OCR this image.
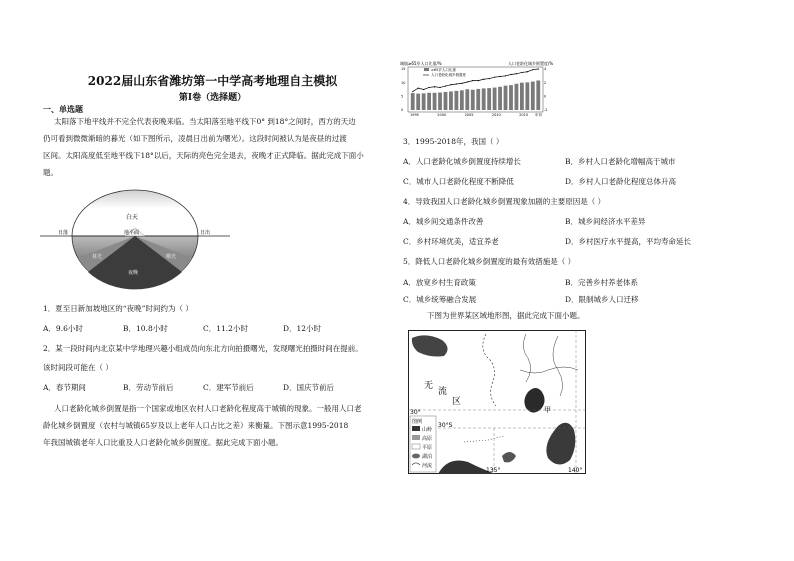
2022届山东省潍坊第一中学高考地理自主模拟
第Ⅰ卷（选择题）
一、单选题
太阳落下地平线并不完全代表夜晚来临。当太阳落至地平线下0° 到18°之间时，西方的天边
仍可看到微微渐暗的暮光（如下图所示，凌晨日出前为曙光）。这段时间被认为是夜昼的过渡
区间。太阳高度低至地平线下18°以后，天际的亮色完全退去，夜晚才正式降临。据此完成下面小
题。
白天
地平面
日落	日出
暮光	曙光
夜晚
1．夏至日新加坡地区的“夜晚”时间约为（ ）
A．9.6小时	B．10.8小时	C．11.2小时	D．12小时
2．某一段时间内北京某中学地理兴趣小组成员向东北方向拍摄曙光，发现曙光拍摄时间在提前。
该时间段可能在（ ）
A．春节期间	B．劳动节前后	C．建军节前后	D．国庆节前后
人口老龄化城乡倒置是指一个国家或地区农村人口老龄化程度高于城镇的现象。一般用人口老
龄化城乡倒置度（农村与城镇65岁及以上老年人口占比之差）来衡量。下图示意1995-2018
年我国城镇老年人口比重及人口老龄化城乡倒置度。据此完成下面小题。
城镇≥65岁人口比重/%	人口老龄化城乡倒置度/%
≥65岁人口比重
人口老龄化城乡倒置度
15
10
5
0
4
2
0
-2
1995	2000	2005	2010	2015 年份
3．1995-2018年，我国（ ）
A．人口老龄化城乡倒置度持续增长	B．乡村人口老龄化增幅高于城市
C．城市人口老龄化程度不断降低	D．乡村人口老龄化程度总体升高
4．导致我国人口老龄化城乡倒置现象加剧的主要原因是（ ）
A．城乡间交通条件改善	B．城乡间经济水平差异
C．乡村环境优美，适宜养老	D．乡村医疗水平提高，平均寿命延长
5．降低人口老龄化城乡倒置度的最有效措施是（ ）
A．放宽乡村生育政策	B．完善乡村养老体系
C．城乡统筹融合发展	D．限制城乡人口迁移
下图为世界某区域地形图，据此完成下面小题。
无
流
区
甲
30°
30°S
135°	140°
图例
山岭
高原
平原
湖泊
河流
